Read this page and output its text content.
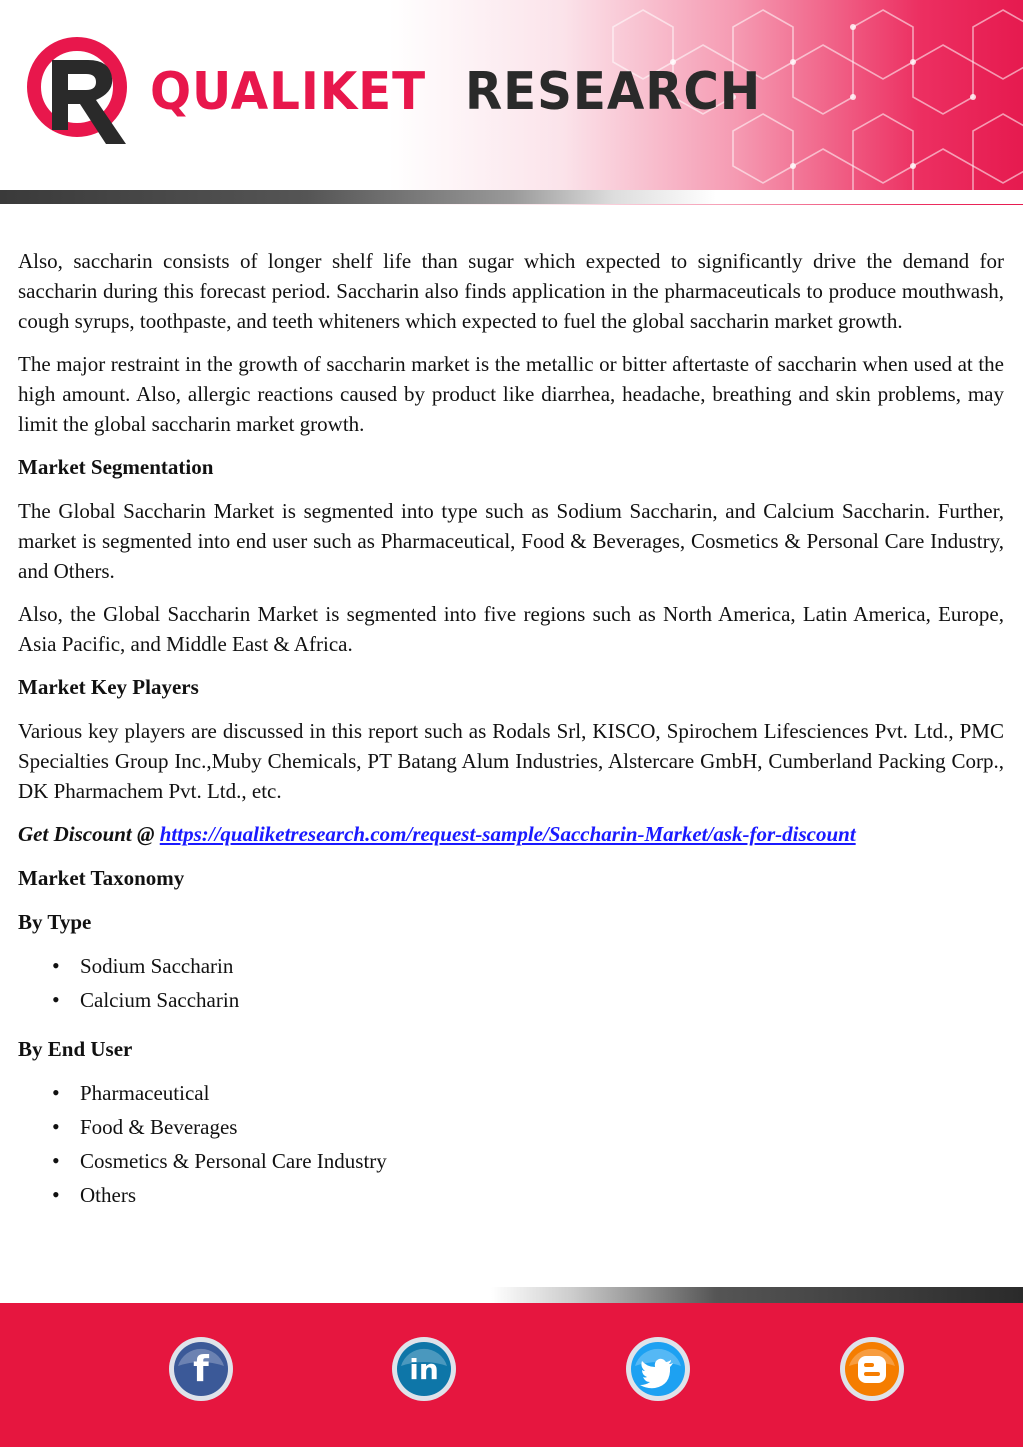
QUALIKET RESEARCH

Also, saccharin consists of longer shelf life than sugar which expected to significantly drive the demand for saccharin during this forecast period. Saccharin also finds application in the pharmaceuticals to produce mouthwash, cough syrups, toothpaste, and teeth whiteners which expected to fuel the global saccharin market growth.

The major restraint in the growth of saccharin market is the metallic or bitter aftertaste of saccharin when used at the high amount. Also, allergic reactions caused by product like diarrhea, headache, breathing and skin problems, may limit the global saccharin market growth.

Market Segmentation

The Global Saccharin Market is segmented into type such as Sodium Saccharin, and Calcium Saccharin. Further, market is segmented into end user such as Pharmaceutical, Food & Beverages, Cosmetics & Personal Care Industry, and Others.

Also, the Global Saccharin Market is segmented into five regions such as North America, Latin America, Europe, Asia Pacific, and Middle East & Africa.

Market Key Players

Various key players are discussed in this report such as Rodals Srl, KISCO, Spirochem Lifesciences Pvt. Ltd., PMC Specialties Group Inc.,Muby Chemicals, PT Batang Alum Industries, Alstercare GmbH, Cumberland Packing Corp., DK Pharmachem Pvt. Ltd., etc.

Get Discount @ https://qualiketresearch.com/request-sample/Saccharin-Market/ask-for-discount

Market Taxonomy

By Type

• Sodium Saccharin
• Calcium Saccharin

By End User

• Pharmaceutical
• Food & Beverages
• Cosmetics & Personal Care Industry
• Others
f	in
